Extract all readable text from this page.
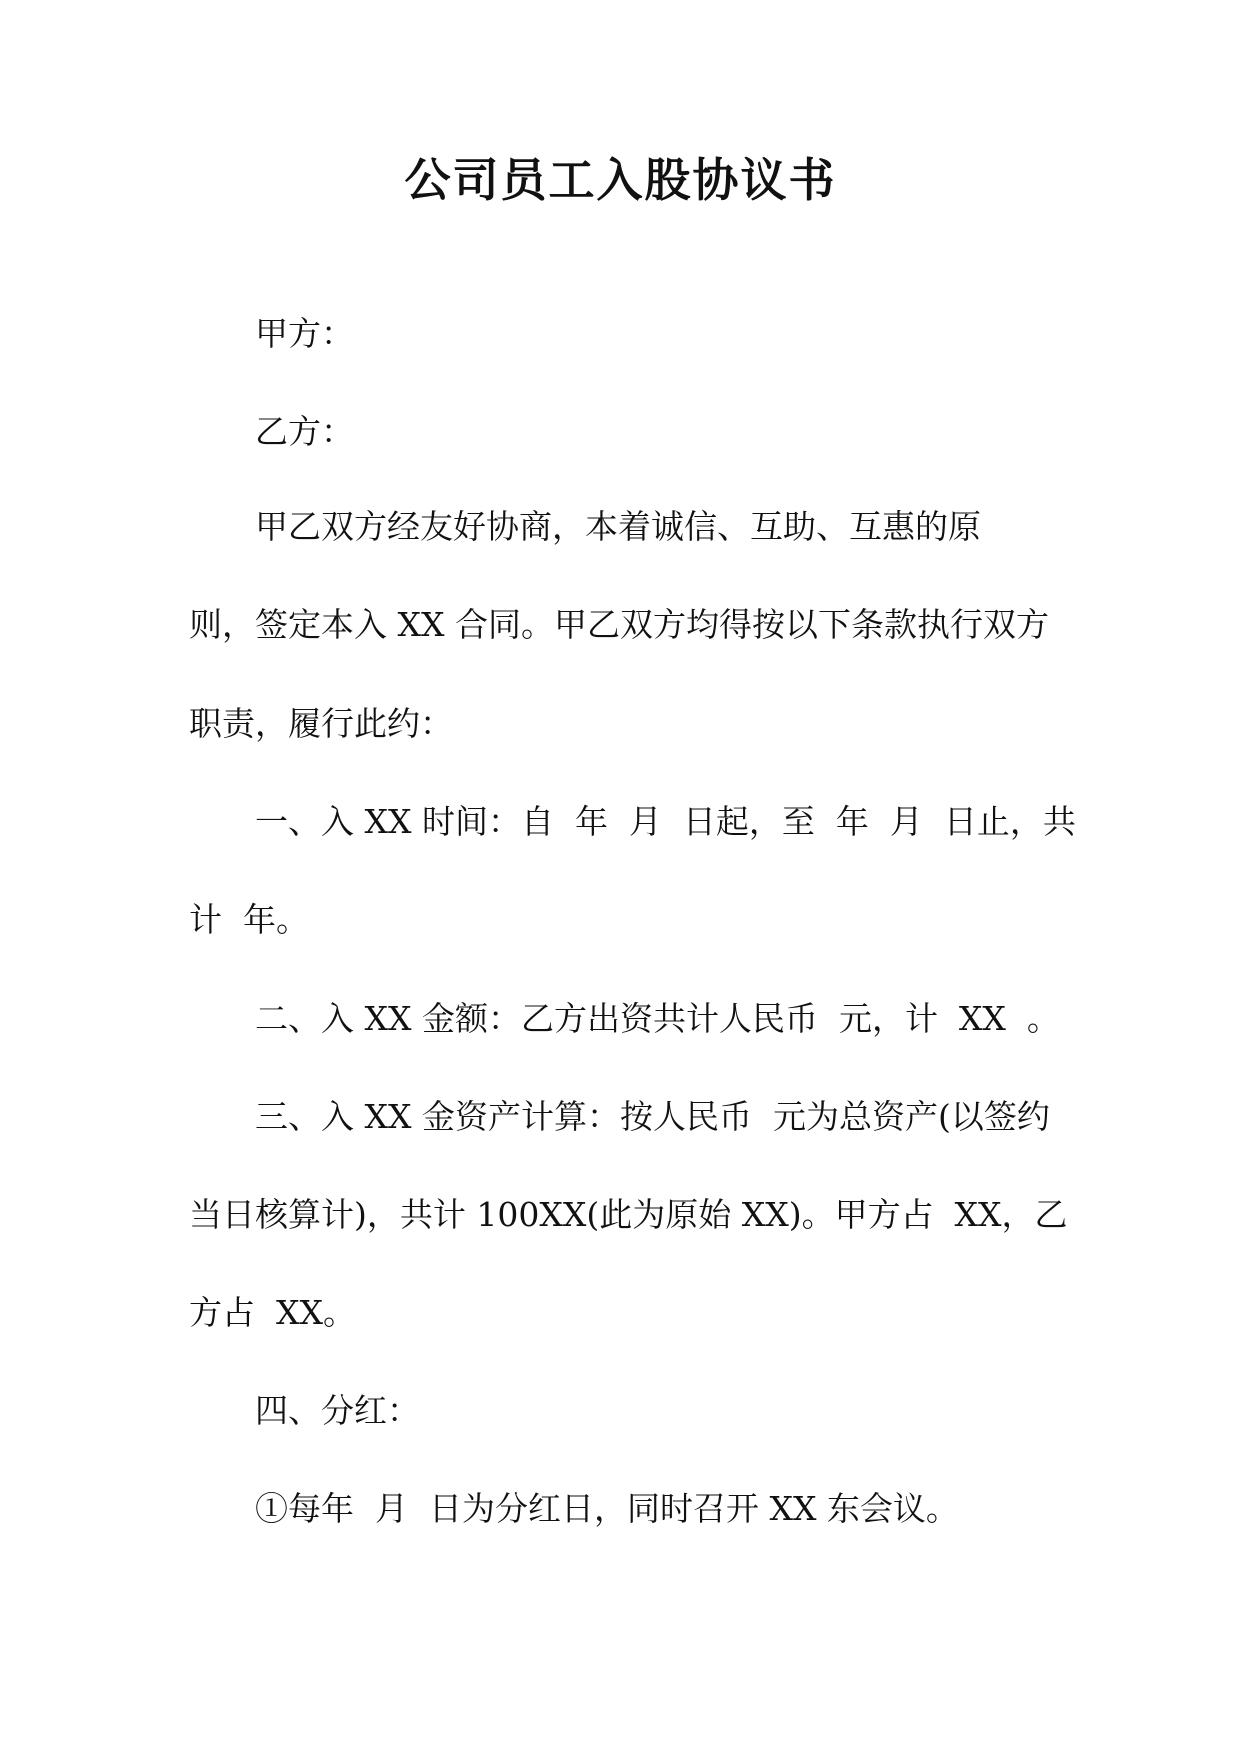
公司员工入股协议书

甲方：

乙方：

甲乙双方经友好协商，本着诚信、互助、互惠的原

则，签定本入 XX 合同。甲乙双方均得按以下条款执行双方

职责，履行此约：

一、入 XX 时间：自  年  月  日起，至  年  月  日止，共

计  年。

二、入 XX 金额：乙方出资共计人民币  元，计  XX  。

三、入 XX 金资产计算：按人民币  元为总资产(以签约

当日核算计)，共计 100XX(此为原始 XX)。甲方占  XX，乙

方占  XX。

四、分红：

①每年  月  日为分红日，同时召开 XX 东会议。
